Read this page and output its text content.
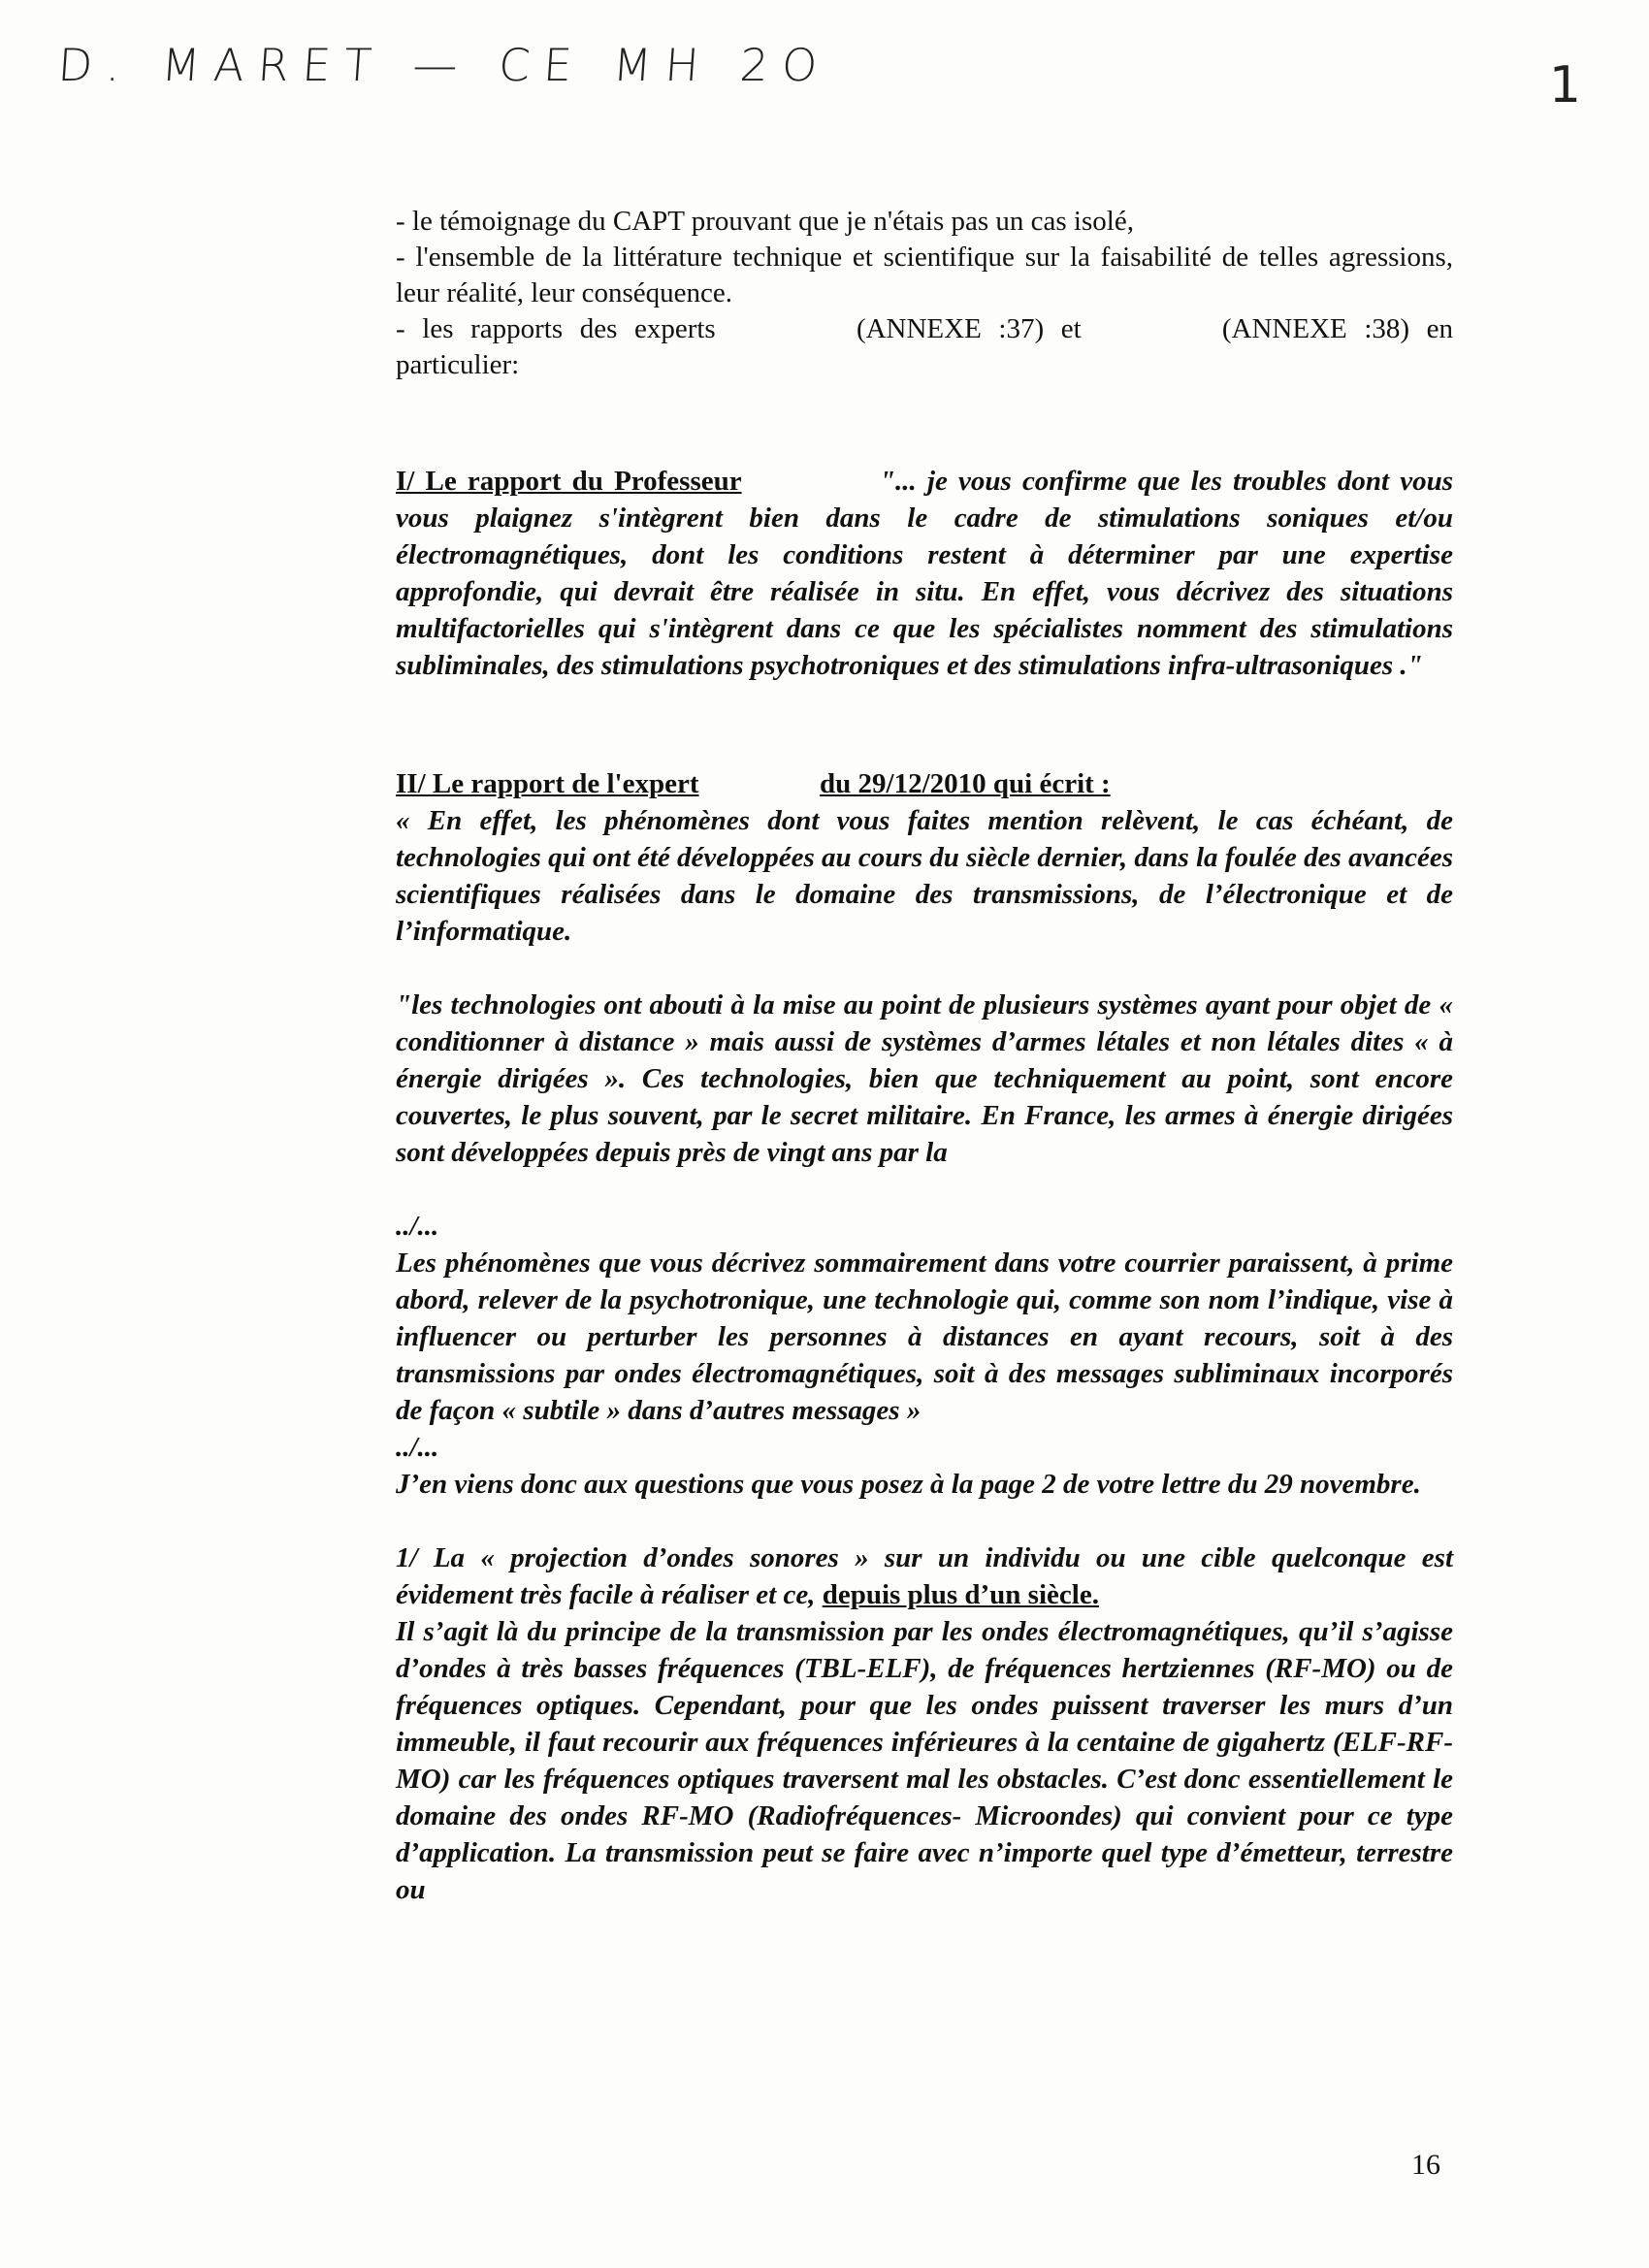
D. MARET — CE MH 2O	1

- le témoignage du CAPT prouvant que je n'étais pas un cas isolé,

- l'ensemble de la littérature technique et scientifique sur la faisabilité de telles agressions, leur réalité, leur conséquence.

- les rapports des experts	(ANNEXE :37) et	(ANNEXE :38) en particulier:

I/ Le rapport du Professeur	"... je vous confirme que les troubles dont vous vous plaignez s'intègrent bien dans le cadre de stimulations soniques et/ou électromagnétiques, dont les conditions restent à déterminer par une expertise approfondie, qui devrait être réalisée in situ. En effet, vous décrivez des situations multifactorielles qui s'intègrent dans ce que les spécialistes nomment des stimulations subliminales, des stimulations psychotroniques et des stimulations infra-ultrasoniques ."
II/ Le rapport de l'expert	du 29/12/2010 qui écrit :

« En effet, les phénomènes dont vous faites mention relèvent, le cas échéant, de technologies qui ont été développées au cours du siècle dernier, dans la foulée des avancées scientifiques réalisées dans le domaine des transmissions, de l’électronique et de l’informatique.

"les technologies ont abouti à la mise au point de plusieurs systèmes ayant pour objet de « conditionner à distance » mais aussi de systèmes d’armes létales et non létales dites « à énergie dirigées ». Ces technologies, bien que techniquement au point, sont encore couvertes, le plus souvent, par le secret militaire. En France, les armes à énergie dirigées sont développées depuis près de vingt ans par la

../...

Les phénomènes que vous décrivez sommairement dans votre courrier paraissent, à prime abord, relever de la psychotronique, une technologie qui, comme son nom l’indique, vise à influencer ou perturber les personnes à distances en ayant recours, soit à des transmissions par ondes électromagnétiques, soit à des messages subliminaux incorporés de façon « subtile » dans d’autres messages »

../...

J’en viens donc aux questions que vous posez à la page 2 de votre lettre du 29 novembre.

1/ La « projection d’ondes sonores » sur un individu ou une cible quelconque est évidement très facile à réaliser et ce, depuis plus d’un siècle.

Il s’agit là du principe de la transmission par les ondes électromagnétiques, qu’il s’agisse d’ondes à très basses fréquences (TBL-ELF), de fréquences hertziennes (RF-MO) ou de fréquences optiques. Cependant, pour que les ondes puissent traverser les murs d’un immeuble, il faut recourir aux fréquences inférieures à la centaine de gigahertz (ELF-RF-MO) car les fréquences optiques traversent mal les obstacles. C’est donc essentiellement le domaine des ondes RF-MO (Radiofréquences- Microondes) qui convient pour ce type d’application. La transmission peut se faire avec n’importe quel type d’émetteur, terrestre ou

16
